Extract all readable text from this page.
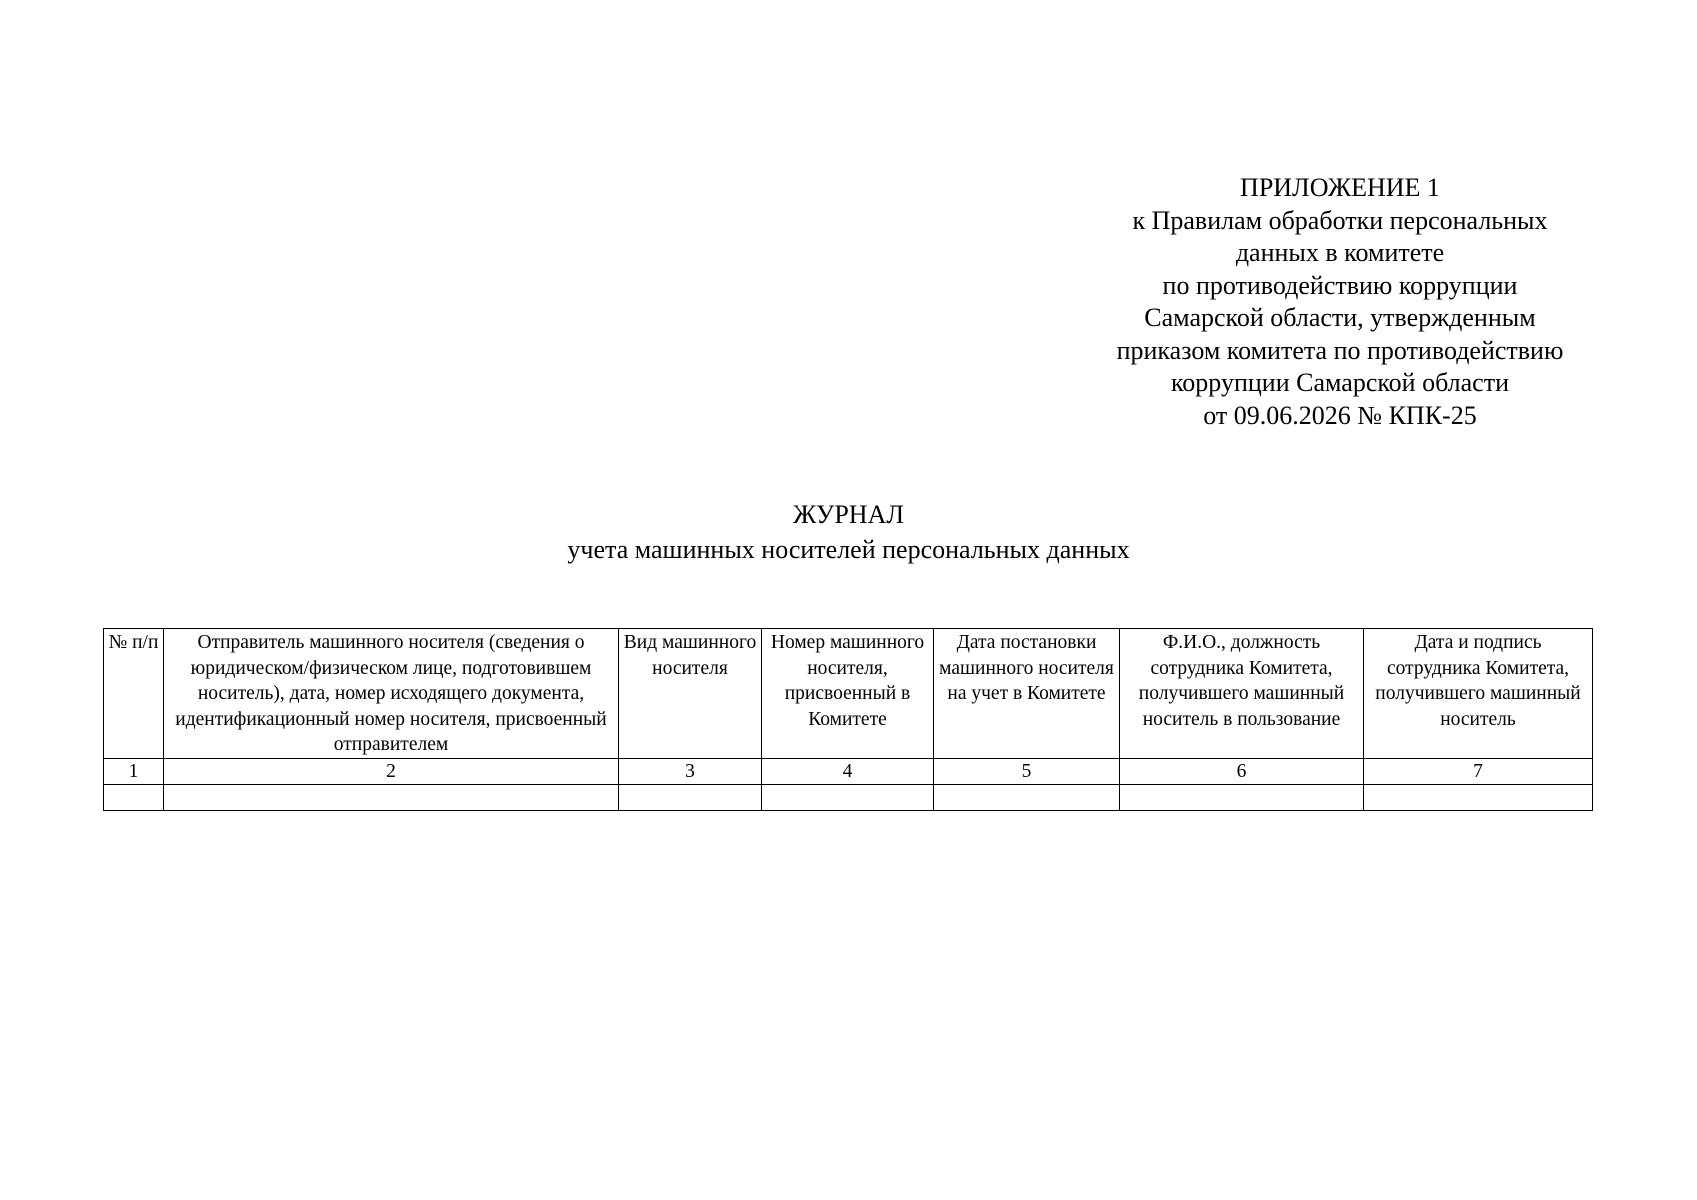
ПРИЛОЖЕНИЕ 1
к Правилам обработки персональных
данных в комитете
по противодействию коррупции
Самарской области, утвержденным
приказом комитета по противодействию
коррупции Самарской области
от 09.06.2026 № КПК-25
ЖУРНАЛ
учета машинных носителей персональных данных
№ п/п	Отправитель машинного носителя (сведения о юридическом/физическом лице, подготовившем носитель), дата, номер исходящего документа, идентификационный номер носителя, присвоенный отправителем	Вид машинного носителя	Номер машинного носителя, присвоенный в Комитете	Дата постановки машинного носителя на учет в Комитете	Ф.И.О., должность сотрудника Комитета, получившего машинный носитель в пользование	Дата и подпись сотрудника Комитета, получившего машинный носитель
1	2	3	4	5	6	7
